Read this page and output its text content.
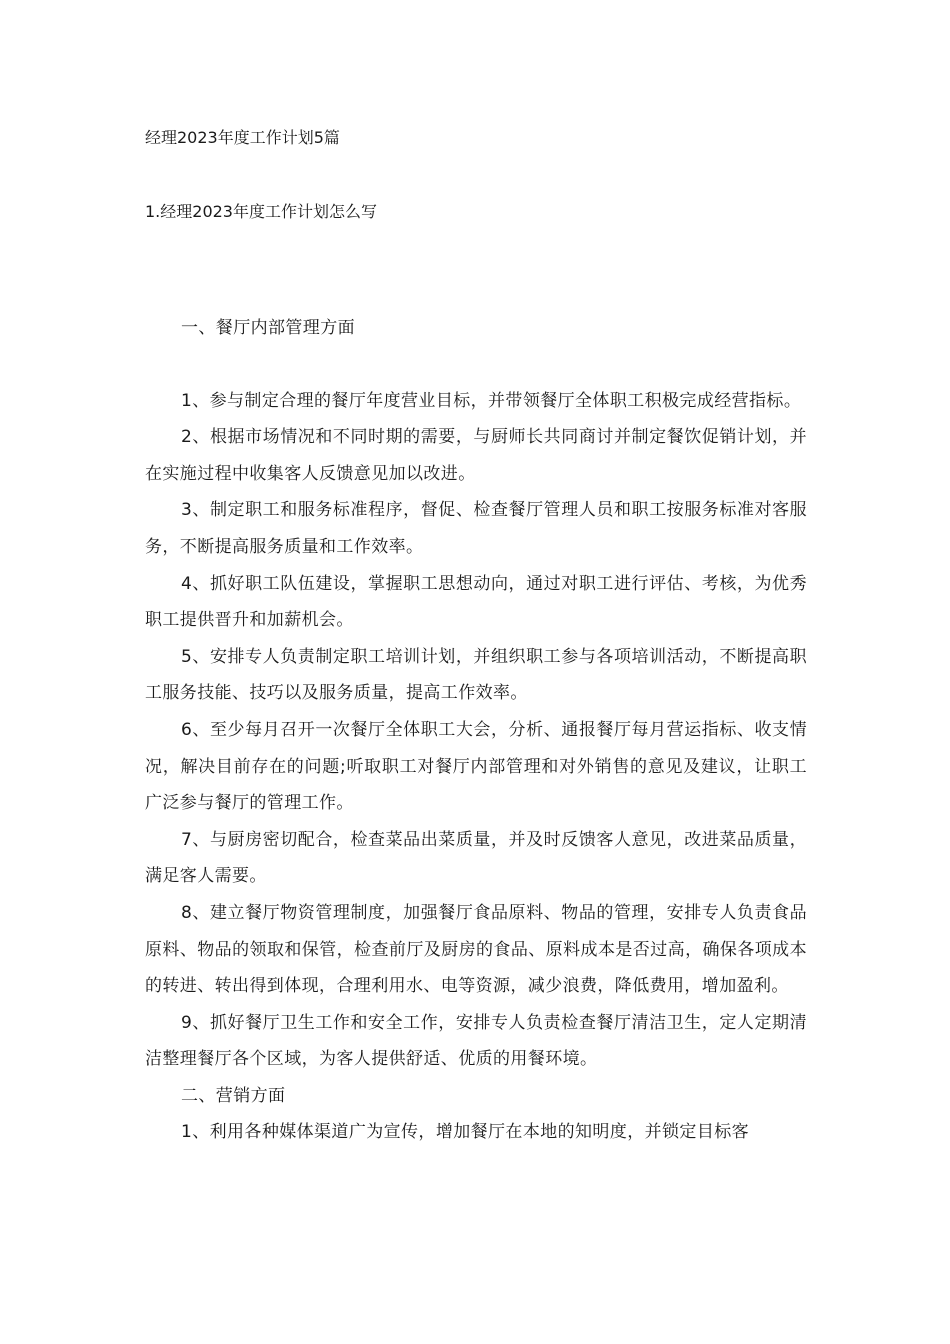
经理2023年度工作计划5篇
1.经理2023年度工作计划怎么写

一、餐厅内部管理方面

1、参与制定合理的餐厅年度营业目标，并带领餐厅全体职工积极完成经营指标。

2、根据市场情况和不同时期的需要，与厨师长共同商讨并制定餐饮促销计划，并在实施过程中收集客人反馈意见加以改进。

3、制定职工和服务标准程序，督促、检查餐厅管理人员和职工按服务标准对客服务，不断提高服务质量和工作效率。

4、抓好职工队伍建设，掌握职工思想动向，通过对职工进行评估、考核，为优秀职工提供晋升和加薪机会。

5、安排专人负责制定职工培训计划，并组织职工参与各项培训活动，不断提高职工服务技能、技巧以及服务质量，提高工作效率。

6、至少每月召开一次餐厅全体职工大会，分析、通报餐厅每月营运指标、收支情况，解决目前存在的问题;听取职工对餐厅内部管理和对外销售的意见及建议，让职工广泛参与餐厅的管理工作。

7、与厨房密切配合，检查菜品出菜质量，并及时反馈客人意见，改进菜品质量，满足客人需要。

8、建立餐厅物资管理制度，加强餐厅食品原料、物品的管理，安排专人负责食品原料、物品的领取和保管，检查前厅及厨房的食品、原料成本是否过高，确保各项成本的转进、转出得到体现，合理利用水、电等资源，减少浪费，降低费用，增加盈利。

9、抓好餐厅卫生工作和安全工作，安排专人负责检查餐厅清洁卫生，定人定期清洁整理餐厅各个区域，为客人提供舒适、优质的用餐环境。

二、营销方面

1、利用各种媒体渠道广为宣传，增加餐厅在本地的知明度，并锁定目标客
